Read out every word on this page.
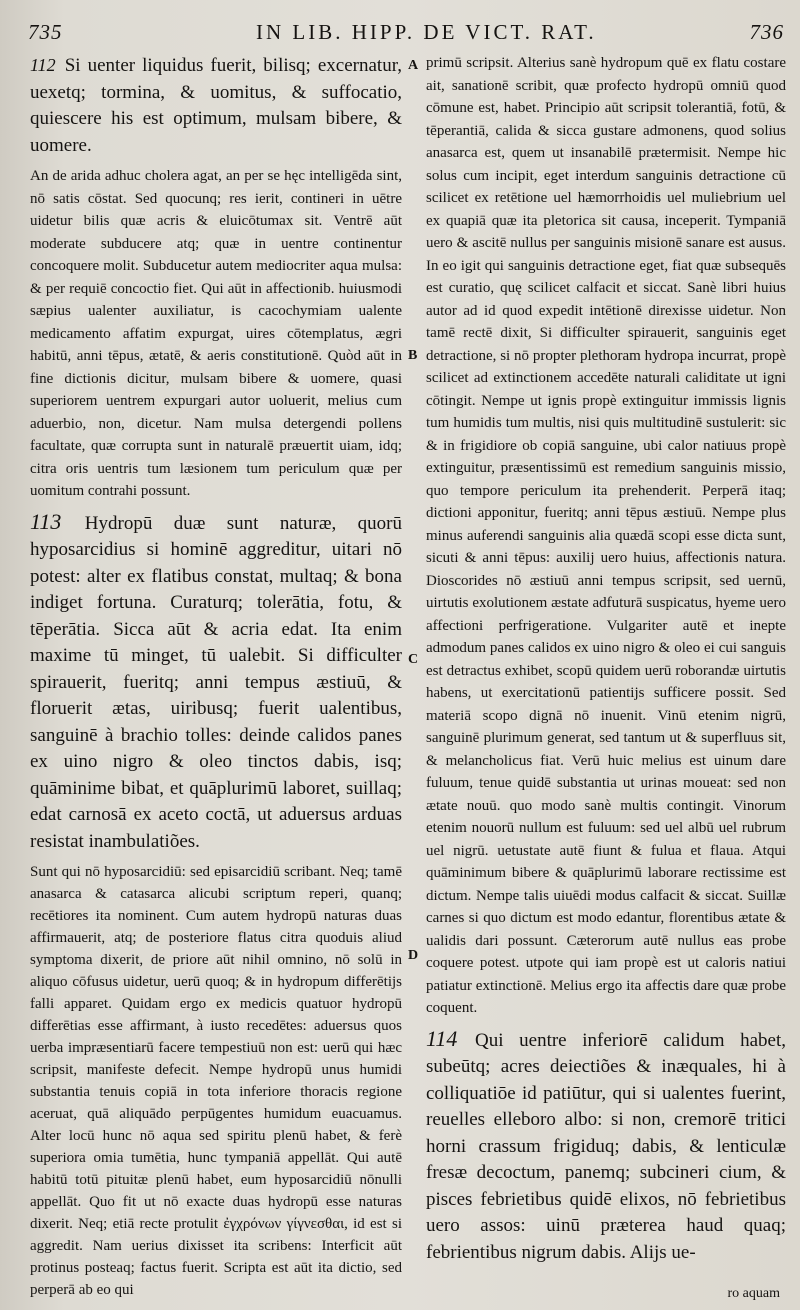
735	IN LIB. HIPP. DE VICT. RAT.	736

112 Si uenter liquidus fuerit, bilisq; excernatur, uexetq; tormina, & uomitus, & suffocatio, quiescere his est optimum, mulsam bibere, & uomere.

An de arida adhuc cholera agat, an per se hęc intelligēda sint, nō satis cōstat. Sed quocunq; res ierit, contineri in uētre uidetur bilis quæ acris & eluicōtumax sit. Ventrē aūt moderate subducere atq; quæ in uentre continentur concoquere molit. Subducetur autem mediocriter aqua mulsa: & per requiē concoctio fiet. Qui aūt in affectionib. huiusmodi sæpius ualenter auxiliatur, is cacochymiam ualente medicamento affatim expurgat, uires cōtemplatus, ægri habitū, anni tēpus, ætatē, & aeris constitutionē. Quòd aūt in fine dictionis dicitur, mulsam bibere & uomere, quasi superiorem uentrem expurgari autor uoluerit, melius cum aduerbio, non, dicetur. Nam mulsa detergendi pollens facultate, quæ corrupta sunt in naturalē præuertit uiam, idq; citra oris uentris tum læsionem tum periculum quæ per uomitum contrahi possunt.

113 Hydropū duæ sunt naturæ, quorū hyposarcidius si hominē aggreditur, uitari nō potest: alter ex flatibus constat, multaq; & bona indiget fortuna. Curaturq; tolerātia, fotu, & tēperātia. Sicca aūt & acria edat. Ita enim maxime tū minget, tū ualebit. Si difficulter spirauerit, fueritq; anni tempus æstiuū, & floruerit ætas, uiribusq; fuerit ualentibus, sanguinē à brachio tolles: deinde calidos panes ex uino nigro & oleo tinctos dabis, isq; quāminime bibat, et quāplurimū laboret, suillaq; edat carnosā ex aceto coctā, ut aduersus arduas resistat inambulatiões.

Sunt qui nō hyposarcidiū: sed episarcidiū scribant. Neq; tamē anasarca & catasarca alicubi scriptum reperi, quanq; recētiores ita nominent. Cum autem hydropū naturas duas affirmauerit, atq; de posteriore flatus citra quoduis aliud symptoma dixerit, de priore aūt nihil omnino, nō solū in aliquo cōfusus uidetur, uerū quoq; & in hydropum differētijs falli apparet. Quidam ergo ex medicis quatuor hydropū differētias esse affirmant, à iusto recedētes: aduersus quos uerba impræsentiarū facere tempestiuū non est: uerū qui hæc scripsit, manifeste defecit. Nempe hydropū unus humidi substantia tenuis copiā in tota inferiore thoracis regione aceruat, quā aliquādo perpūgentes humidum euacuamus. Alter locū hunc nō aqua sed spiritu plenū habet, & ferè superiora omia tumētia, hunc tympaniā appellāt. Qui autē habitū totū pituitæ plenū habet, eum hyposarcidiū nōnulli appellāt. Quo fit ut nō exacte duas hydropū esse naturas dixerit. Neq; etiā recte protulit ἐγχρόνων γίγνεσθαι, id est si aggredit. Nam uerius dixisset ita scribens: Interficit aūt protinus posteaq; factus fuerit. Scripta est aūt ita dictio, sed perperā ab eo qui

A
B
C
D

primū scripsit. Alterius sanè hydropum quē ex flatu costare ait, sanationē scribit, quæ profecto hydropū omniū quod cōmune est, habet. Principio aūt scripsit tolerantiā, fotū, & tēperantiā, calida & sicca gustare admonens, quod solius anasarca est, quem ut insanabilē prætermisit. Nempe hic solus cum incipit, eget interdum sanguinis detractione cū scilicet ex retētione uel hæmorrhoidis uel muliebrium uel ex quapiā quæ ita pletorica sit causa, inceperit. Tympaniā uero & ascitē nullus per sanguinis misionē sanare est ausus. In eo igit qui sanguinis detractione eget, fiat quæ subsequēs est curatio, quę scilicet calfacit et siccat. Sanè libri huius autor ad id quod expedit intētionē direxisse uidetur. Non tamē rectē dixit, Si difficulter spirauerit, sanguinis eget detractione, si nō propter plethoram hydropa incurrat, propè scilicet ad extinctionem accedēte naturali caliditate ut igni cōtingit. Nempe ut ignis propè extinguitur immissis lignis tum humidis tum multis, nisi quis multitudinē sustulerit: sic & in frigidiore ob copiā sanguine, ubi calor natiuus propè extinguitur, præsentissimū est remedium sanguinis missio, quo tempore periculum ita prehenderit. Perperā itaq; dictioni apponitur, fueritq; anni tēpus æstiuū. Nempe plus minus auferendi sanguinis alia quædā scopi esse dicta sunt, sicuti & anni tēpus: auxilij uero huius, affectionis natura. Dioscorides nō æstiuū anni tempus scripsit, sed uernū, uirtutis exolutionem æstate adfuturā suspicatus, hyeme uero affectioni perfrigeratione. Vulgariter autē et inepte admodum panes calidos ex uino nigro & oleo ei cui sanguis est detractus exhibet, scopū quidem uerū roborandæ uirtutis habens, ut exercitationū patientijs sufficere possit. Sed materiā scopo dignā nō inuenit. Vinū etenim nigrū, sanguinē plurimum generat, sed tantum ut & superfluus sit, & melancholicus fiat. Verū huic melius est uinum dare fuluum, tenue quidē substantia ut urinas moueat: sed non ætate nouū. quo modo sanè multis contingit. Vinorum etenim nouorū nullum est fuluum: sed uel albū uel rubrum uel nigrū. uetustate autē fiunt & fulua et flaua. Atqui quāminimum bibere & quāplurimū laborare rectissime est dictum. Nempe talis uiuēdi modus calfacit & siccat. Suillæ carnes si quo dictum est modo edantur, florentibus ætate & ualidis dari possunt. Cæterorum autē nullus eas probe coquere potest. utpote qui iam propè est ut caloris natiui patiatur extinctionē. Melius ergo ita affectis dare quæ probe coquent.

114 Qui uentre inferiorē calidum habet, subeūtq; acres deiectiões & inæquales, hi à colliquatiōe id patiūtur, qui si ualentes fuerint, reuelles elleboro albo: si non, cremorē tritici horni crassum frigiduq; dabis, & lenticulæ fresæ decoctum, panemq; subcineri cium, & pisces febrietibus quidē elixos, nō febrietibus uero assos: uinū præterea haud quaq; febrientibus nigrum dabis. Alijs ue-

ro aquam
